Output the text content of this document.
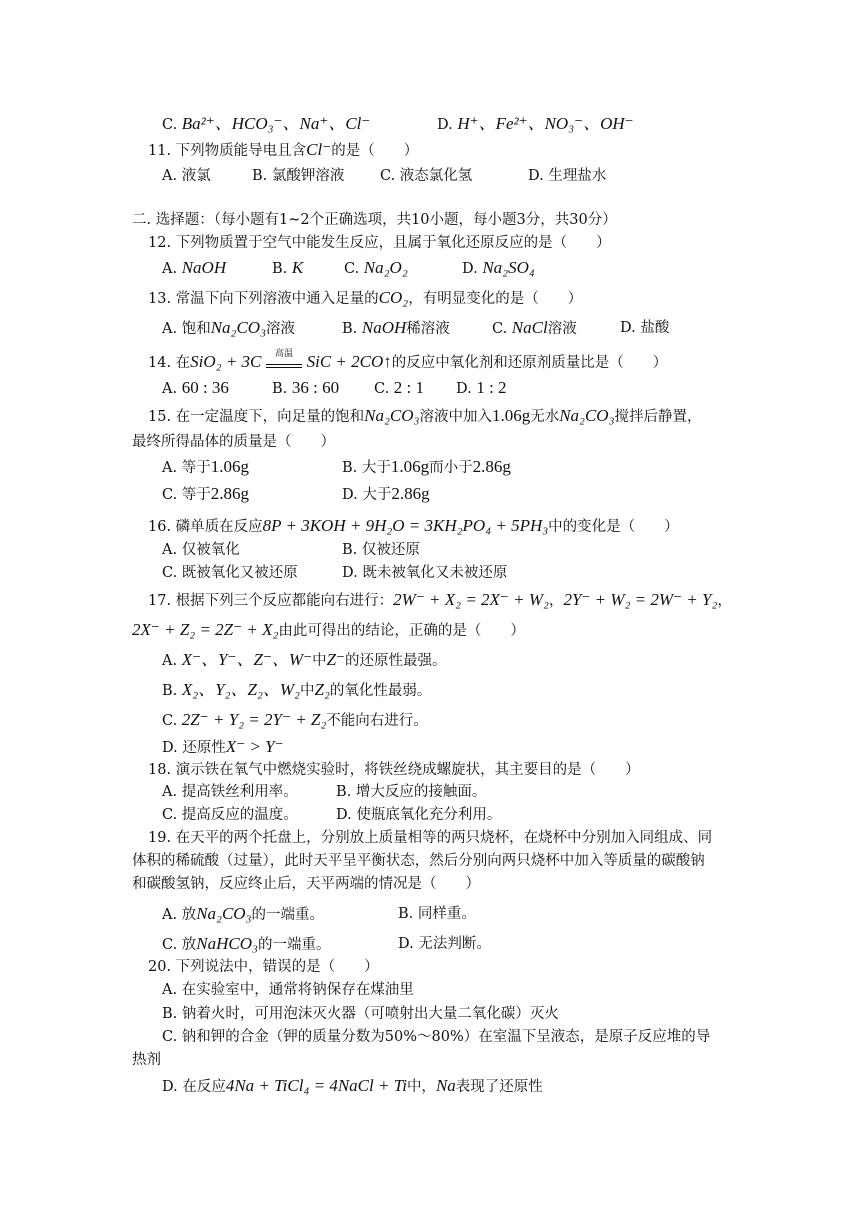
C. Ba²⁺、HCO₃⁻、Na⁺、Cl⁻	D. H⁺、Fe²⁺、NO₃⁻、OH⁻
11. 下列物质能导电且含Cl⁻的是（　　）
A. 液氯	B. 氯酸钾溶液 C. 液态氯化氢	D. 生理盐水
二. 选择题：（每小题有1~2个正确选项，共10小题，每小题3分，共30分）
12. 下列物质置于空气中能发生反应，且属于氧化还原反应的是（　　）
A. NaOH	B. K	C. Na₂O₂	D. Na₂SO₄
13. 常温下向下列溶液中通入足量的CO₂，有明显变化的是（　　）
A. 饱和Na₂CO₃溶液	B. NaOH稀溶液	C. NaCl溶液	D. 盐酸
14. 在SiO₂ + 3C	高温 SiC + 2CO↑的反应中氧化剂和还原剂质量比是（　　）
A. 60 : 36	B. 36 : 60 C. 2 : 1 D. 1 : 2
15. 在一定温度下，向足量的饱和Na₂CO₃溶液中加入1.06g无水Na₂CO₃搅拌后静置，
最终所得晶体的质量是（　　）
A. 等于1.06g	B. 大于1.06g而小于2.86g
C. 等于2.86g	D. 大于2.86g
16. 磷单质在反应8P + 3KOH + 9H₂O = 3KH₂PO₄ + 5PH₃中的变化是（　　）
A. 仅被氧化	B. 仅被还原
C. 既被氧化又被还原	D. 既未被氧化又未被还原
17. 根据下列三个反应都能向右进行：2W⁻ + X₂ = 2X⁻ + W₂，2Y⁻ + W₂ = 2W⁻ + Y₂，
2X⁻ + Z₂ = 2Z⁻ + X₂由此可得出的结论，正确的是（　　）
A. X⁻、Y⁻、Z⁻、W⁻中Z⁻的还原性最强。
B. X₂、Y₂、Z₂、W₂中Z₂的氧化性最弱。
C. 2Z⁻ + Y₂ = 2Y⁻ + Z₂不能向右进行。
D. 还原性X⁻ > Y⁻
18. 演示铁在氧气中燃烧实验时，将铁丝绕成螺旋状，其主要目的是（　　）
A. 提高铁丝利用率。	B. 增大反应的接触面。
C. 提高反应的温度。	D. 使瓶底氧化充分利用。
19. 在天平的两个托盘上，分别放上质量相等的两只烧杯，在烧杯中分别加入同组成、同
体积的稀硫酸（过量），此时天平呈平衡状态，然后分别向两只烧杯中加入等质量的碳酸钠
和碳酸氢钠，反应终止后，天平两端的情况是（　　）
A. 放Na₂CO₃的一端重。	B. 同样重。
C. 放NaHCO₃的一端重。	D. 无法判断。
20. 下列说法中，错误的是（　　）
A. 在实验室中，通常将钠保存在煤油里
B. 钠着火时，可用泡沫灭火器（可喷射出大量二氧化碳）灭火
C. 钠和钾的合金（钾的质量分数为50%～80%）在室温下呈液态，是原子反应堆的导
热剂
D. 在反应4Na + TiCl₄ = 4NaCl + Ti中，Na表现了还原性
